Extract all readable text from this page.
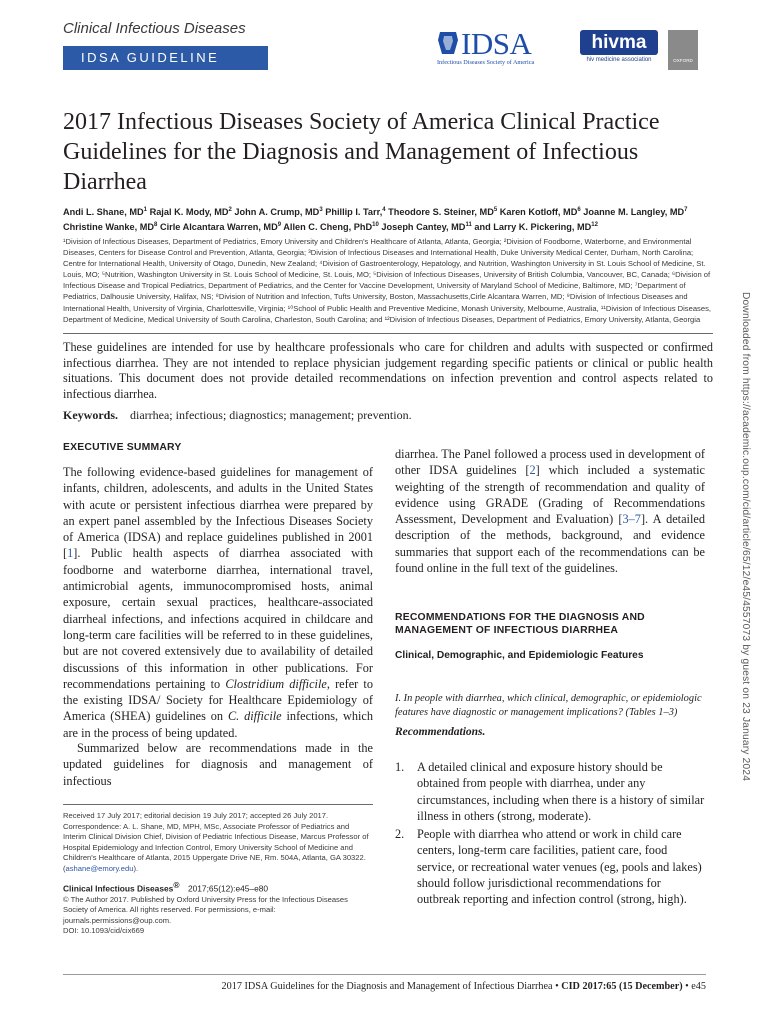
Clinical Infectious Diseases
IDSA GUIDELINE	IDSA
Infectious Diseases Society of America
hivma
hiv medicine association	OXFORD
2017 Infectious Diseases Society of America Clinical Practice Guidelines for the Diagnosis and Management of Infectious Diarrhea
Andi L. Shane, $MD^1$ Rajal K. Mody, $MD^2$ John A. Crump, $MD^3$ Phillip I. Tarr,$^4$ Theodore S. Steiner, $MD^5$ Karen Kotloff, $MD^6$ Joanne M. Langley, $MD^7$ Christine Wanke, $MD^8$ Cirle Alcantara Warren, $MD^9$ Allen C. Cheng, PhD$^{10}$ Joseph Cantey, MD$^{11}$ and Larry K. Pickering, MD$^{12}$
¹Division of Infectious Diseases, Department of Pediatrics, Emory University and Children's Healthcare of Atlanta, Atlanta, Georgia; ²Division of Foodborne, Waterborne, and Environmental Diseases, Centers for Disease Control and Prevention, Atlanta, Georgia; ³Division of Infectious Diseases and International Health, Duke University Medical Center, Durham, North Carolina; Centre for International Health, University of Otago, Dunedin, New Zealand; ⁴Division of Gastroenterology, Hepatology, and Nutrition, Washington University in St. Louis School of Medicine, St. Louis, MO; ⁵Nutrition, Washington University in St. Louis School of Medicine, St. Louis, MO; ⁵Division of Infectious Diseases, University of British Columbia, Vancouver, BC, Canada; ⁶Division of Infectious Disease and Tropical Pediatrics, Department of Pediatrics, and the Center for Vaccine Development, University of Maryland School of Medicine, Baltimore, MD; ⁷Department of Pediatrics, Dalhousie University, Halifax, NS; ⁸Division of Nutrition and Infection, Tufts University, Boston, Massachusetts,Cirle Alcantara Warren, MD; ⁹Division of Infectious Diseases and International Health, University of Virginia, Charlottesville, Virginia; ¹⁰School of Public Health and Preventive Medicine, Monash University, Melbourne, Australia, ¹¹Division of Infectious Diseases, Department of Medicine, Medical University of South Carolina, Charleston, South Carolina; and ¹²Division of Infectious Diseases, Department of Pediatrics, Emory University, Atlanta, Georgia
These guidelines are intended for use by healthcare professionals who care for children and adults with suspected or confirmed infectious diarrhea. They are not intended to replace physician judgement regarding specific patients or clinical or public health situations. This document does not provide detailed recommendations on infection prevention and control aspects related to infectious diarrhea.
Keywords. diarrhea; infectious; diagnostics; management; prevention.
EXECUTIVE SUMMARY
The following evidence-based guidelines for management of infants, children, adolescents, and adults in the United States with acute or persistent infectious diarrhea were prepared by an expert panel assembled by the Infectious Diseases Society of America (IDSA) and replace guidelines published in 2001 [1]. Public health aspects of diarrhea associated with foodborne and waterborne diarrhea, international travel, antimicrobial agents, immunocompromised hosts, animal exposure, certain sexual practices, healthcare-associated diarrheal infections, and infections acquired in childcare and long-term care facilities will be referred to in these guidelines, but are not covered extensively due to availability of detailed discussions of this information in other publications. For recommendations pertaining to Clostridium difficile, refer to the existing IDSA/ Society for Healthcare Epidemiology of America (SHEA) guidelines on C. difficile infections, which are in the process of being updated.
Summarized below are recommendations made in the updated guidelines for diagnosis and management of infectious
Received 17 July 2017; editorial decision 19 July 2017; accepted 26 July 2017.
Correspondence: A. L. Shane, MD, MPH, MSc, Associate Professor of Pediatrics and Interim Clinical Division Chief, Division of Pediatric Infectious Disease, Marcus Professor of Hospital Epidemiology and Infection Control, Emory University School of Medicine and Children's Healthcare of Atlanta, 2015 Uppergate Drive NE, Rm. 504A, Atlanta, GA 30322. (ashane@emory.edu).
Clinical Infectious Diseases® 2017;65(12):e45–e80
© The Author 2017. Published by Oxford University Press for the Infectious Diseases Society of America. All rights reserved. For permissions, e-mail: journals.permissions@oup.com.
DOI: 10.1093/cid/cix669
diarrhea. The Panel followed a process used in development of other IDSA guidelines [2] which included a systematic weighting of the strength of recommendation and quality of evidence using GRADE (Grading of Recommendations Assessment, Development and Evaluation) [3–7]. A detailed description of the methods, background, and evidence summaries that support each of the recommendations can be found online in the full text of the guidelines.
RECOMMENDATIONS FOR THE DIAGNOSIS AND MANAGEMENT OF INFECTIOUS DIARRHEA
Clinical, Demographic, and Epidemiologic Features
I. In people with diarrhea, which clinical, demographic, or epidemiologic features have diagnostic or management implications? (Tables 1–3)
Recommendations.
1. A detailed clinical and exposure history should be obtained from people with diarrhea, under any circumstances, including when there is a history of similar illness in others (strong, moderate).
2. People with diarrhea who attend or work in child care centers, long-term care facilities, patient care, food service, or recreational water venues (eg, pools and lakes) should follow jurisdictional recommendations for outbreak reporting and infection control (strong, high).
2017 IDSA Guidelines for the Diagnosis and Management of Infectious Diarrhea • CID 2017:65 (15 December) • e45
Downloaded from https://academic.oup.com/cid/article/65/12/e45/4557073 by guest on 23 January 2024
